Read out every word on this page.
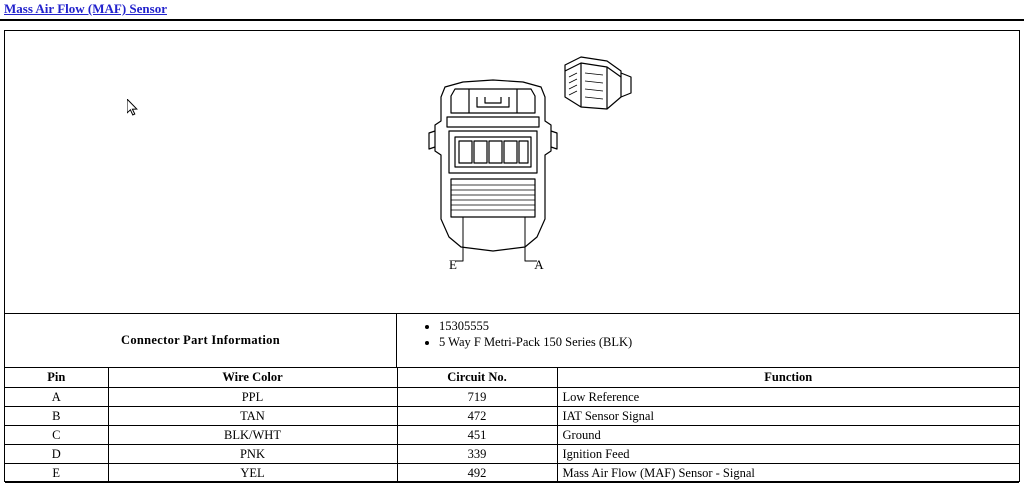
Mass Air Flow (MAF) Sensor
E	A
Connector Part Information
• 15305555
• 5 Way F Metri-Pack 150 Series (BLK)
Pin	Wire Color	Circuit No.	Function
A	PPL	719	Low Reference
B	TAN	472	IAT Sensor Signal
C	BLK/WHT	451	Ground
D	PNK	339	Ignition Feed
E	YEL	492	Mass Air Flow (MAF) Sensor - Signal
